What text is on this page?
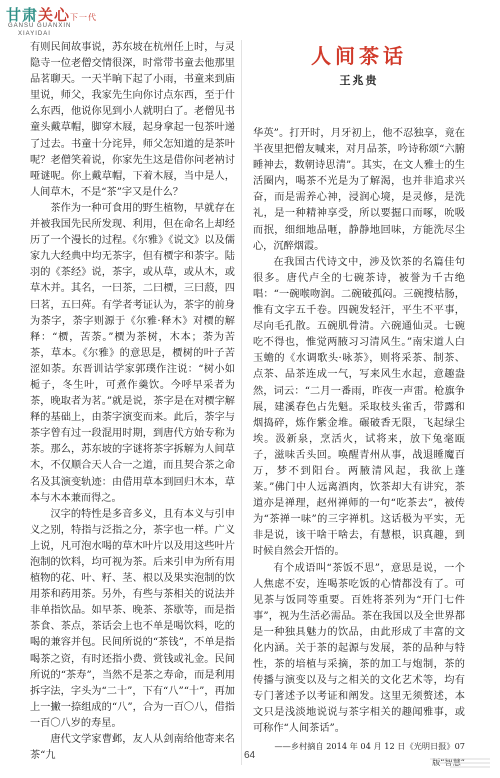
甘肃关心下一代
GANSU GUANXIN
XIAYIDAI

有则民间故事说，苏东坡在杭州任上时，与灵隐寺一位老僧交情很深，时常带书童去他那里品茗聊天。一天半晌下起了小雨，书童来到庙里说，师父，我家先生向你讨点东西，至于什么东西，他说你见到小人就明白了。老僧见书童头戴草帽，脚穿木屐，起身拿起一包茶叶递了过去。书童十分诧异，师父怎知道的是茶叶呢？老僧笑着说，你家先生这是借你问老衲讨哑谜呢。你上戴草帽，下着木屐，当中是人，人间草木，不是“茶”字又是什么？

茶作为一种可食用的野生植物，早就存在并被我国先民所发现、利用，但在命名上却经历了一个漫长的过程。《尔雅》《说文》以及儒家九大经典中均无茶字，但有槚字和荼字。陆羽的《茶经》说，茶字，或从草，或从木，或草木并。其名，一曰茶，二曰槚，三曰蔎，四曰茗，五曰荈。有学者考证认为，茶字的前身为荼字，荼字则源于《尔雅·释木》对槚的解释：“槚，苦荼。”槚为茶树，木本；荼为苦茶，草本。《尔雅》的意思是，槚树的叶子苦涩如荼。东晋训诂学家郭璞作注说：“树小如栀子，冬生叶，可煮作羹饮。今呼早采者为茶，晚取者为茗。”就是说，茶字是在对槚字解释的基础上，由荼字演变而来。此后，荼字与茶字曾有过一段混用时期，到唐代方始专称为茶。那么，苏东坡的字谜将茶字拆解为人间草木，不仅顺合天人合一之道，而且契合茶之命名及其演变轨迹：由借用草本到回归木本，草本与木本兼而得之。

汉字的特性是多音多义，且有本义与引申义之别，特指与泛指之分，茶字也一样。广义上说，凡可泡水喝的草木叶片以及用这些叶片泡制的饮料，均可视为茶。后来引申为所有用植物的花、叶、籽、茎、根以及果实泡制的饮用茶和药用茶。另外，有些与茶相关的说法并非单指饮品。如早茶、晚茶、茶歇等，而是指茶食、茶点，茶话会上也不单是喝饮料，吃的喝的兼容并包。民间所说的“茶钱”，不单是指喝茶之资，有时还指小费、赏钱或礼金。民间所说的“茶寿”，当然不是茶之寿命，而是利用拆字法，字头为“二十”，下有“八”“十”，再加上一撇一捺组成的“八”，合为一百〇八，借指一百〇八岁的寿星。

唐代文学家曹邺，友人从剑南给他寄来名茶“九

人间茶话
王兆贵

华英”。打开时，月牙初上，他不忍独享，竟在半夜里把僧友喊来，对月品茶，吟诗称颂“六腑睡神去，数朝诗思清”。其实，在文人雅士的生活圈内，喝茶不光是为了解渴，也并非追求兴奋，而是需养心神，浸润心境，是灵修，是洗礼，是一种精神享受，所以要掘口而啄，吮吸而抿，细细地品咂，静静地回味，方能洗尽尘心，沉醉烟霞。

在我国古代诗文中，涉及饮茶的名篇佳句很多。唐代卢全的七碗茶诗，被誉为千古绝唱：“一碗喉吻润。二碗破孤闷。三碗搜枯肠，惟有文字五千卷。四碗发轻汗，平生不平事，尽向毛孔散。五碗肌骨清。六碗通仙灵。七碗吃不得也，惟觉两腋习习清风生。”南宋道人白玉蟾的《水调歌头·咏茶》，则将采茶、制茶、点茶、品茶连成一气，写来风生水起，意趣盎然，词云：“二月一番雨，昨夜一声雷。枪旗争展，建溪春色占先魁。采取枝头雀舌，带露和烟捣碎，炼作紫金堆。碾破香无限，飞起绿尘埃。汲新泉，烹活火，试将来，放下兔毫瓯子，滋味舌头回。唤醒青州从事，战退睡魔百万，梦不到阳台。两腋清风起，我欲上蓬莱。”佛门中人远离酒肉，饮茶却大有讲究，茶道亦是禅理，赵州禅师的一句“吃茶去”，被传为“茶禅一味”的三字禅机。这话极为平实，无非是说，该干啥干啥去，有慧根，识真趣，到时候自然会开悟的。

有个成语叫“茶饭不思”，意思是说，一个人焦虑不安，连喝茶吃饭的心情都没有了。可见茶与饭同等重要。百姓将茶列为“开门七件事”，视为生活必需品。茶在我国以及全世界都是一种独具魅力的饮品，由此形成了丰富的文化内涵。关于茶的起源与发展，茶的品种与特性，茶的培植与采摘，茶的加工与炮制，茶的传播与演变以及与之相关的文化艺术等，均有专门著述予以考证和阐发。这里无须赘述，本文只是浅淡地说说与茶字相关的趣闻雅事，或可称作“人间茶话”。

——乡村摘自 2014 年 04 月 12 日《光明日报》07 版“智慧”

64
